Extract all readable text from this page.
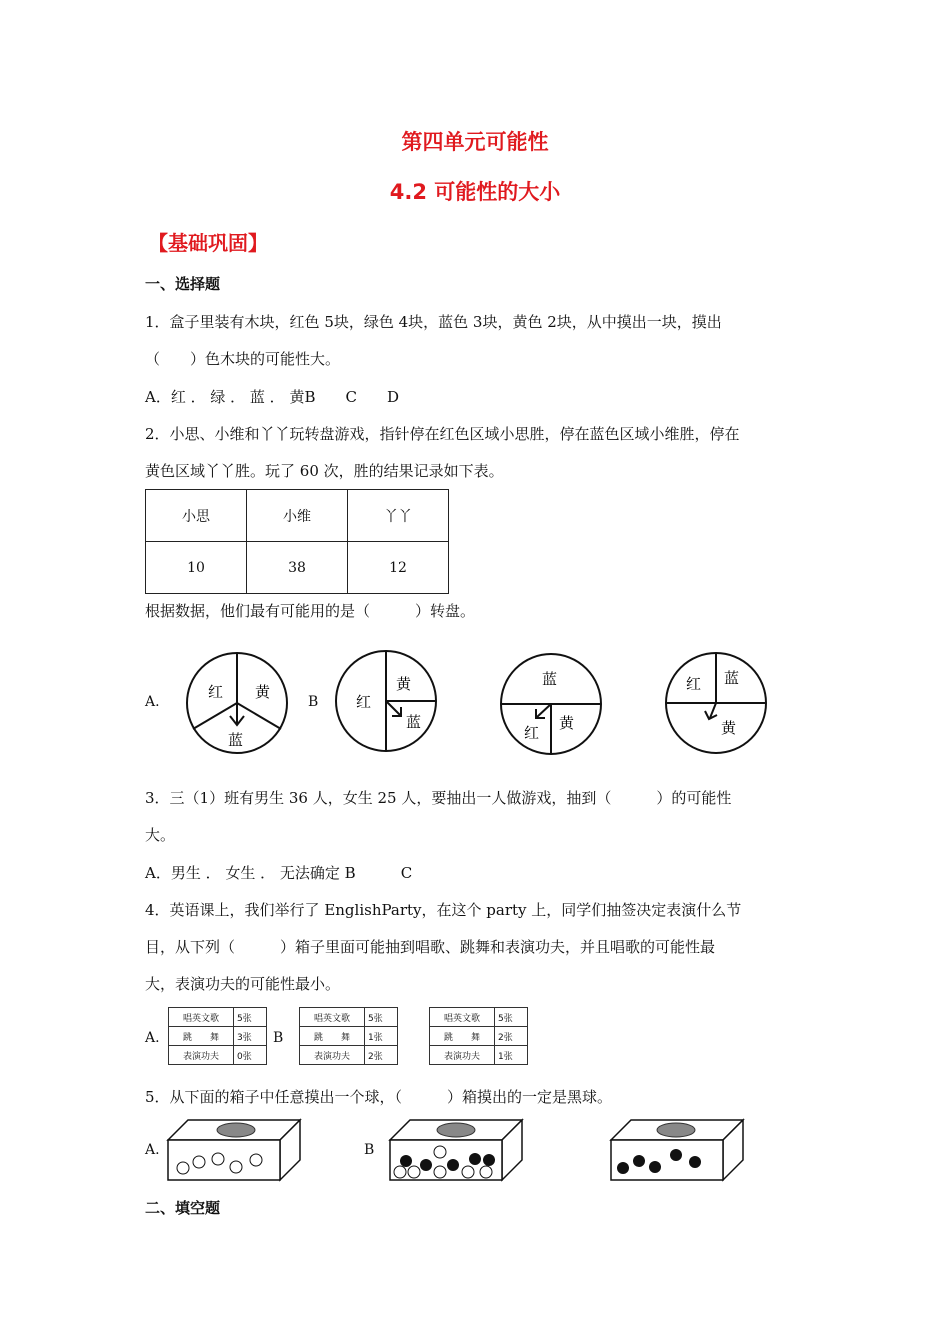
第四单元可能性
4.2 可能性的大小
【基础巩固】
一、选择题
1．盒子里装有木块，红色 5块，绿色 4块，蓝色 3块，黄色 2块，从中摸出一块，摸出
（　　）色木块的可能性大。
A．红 ． 绿 ． 蓝 ． 黄B　　C　　D
2．小思、小维和丫丫玩转盘游戏，指针停在红色区域小思胜，停在蓝色区域小维胜，停在
黄色区域丫丫胜。玩了 60 次，胜的结果记录如下表。
小思	小维	丫丫
10	38	12
根据数据，他们最有可能用的是（　　　）转盘。
A.	B
红 黄
蓝
红
黄
蓝
蓝
红
黄
红 蓝
黄
3．三（1）班有男生 36 人，女生 25 人，要抽出一人做游戏，抽到（　　　）的可能性
大。
A．男生 ． 女生 ． 无法确定 B　　　C
4．英语课上，我们举行了 EnglishParty，在这个 party 上，同学们抽签决定表演什么节
目，从下列（　　　）箱子里面可能抽到唱歌、跳舞和表演功夫，并且唱歌的可能性最
大，表演功夫的可能性最小。
A.	B
唱英文歌	5张
跳　　舞	3张
表演功夫	0张
唱英文歌	5张
跳　　舞	1张
表演功夫	2张
唱英文歌	5张
跳　　舞	2张
表演功夫	1张
5．从下面的箱子中任意摸出一个球，（　　　）箱摸出的一定是黑球。
A.	B
二、填空题
